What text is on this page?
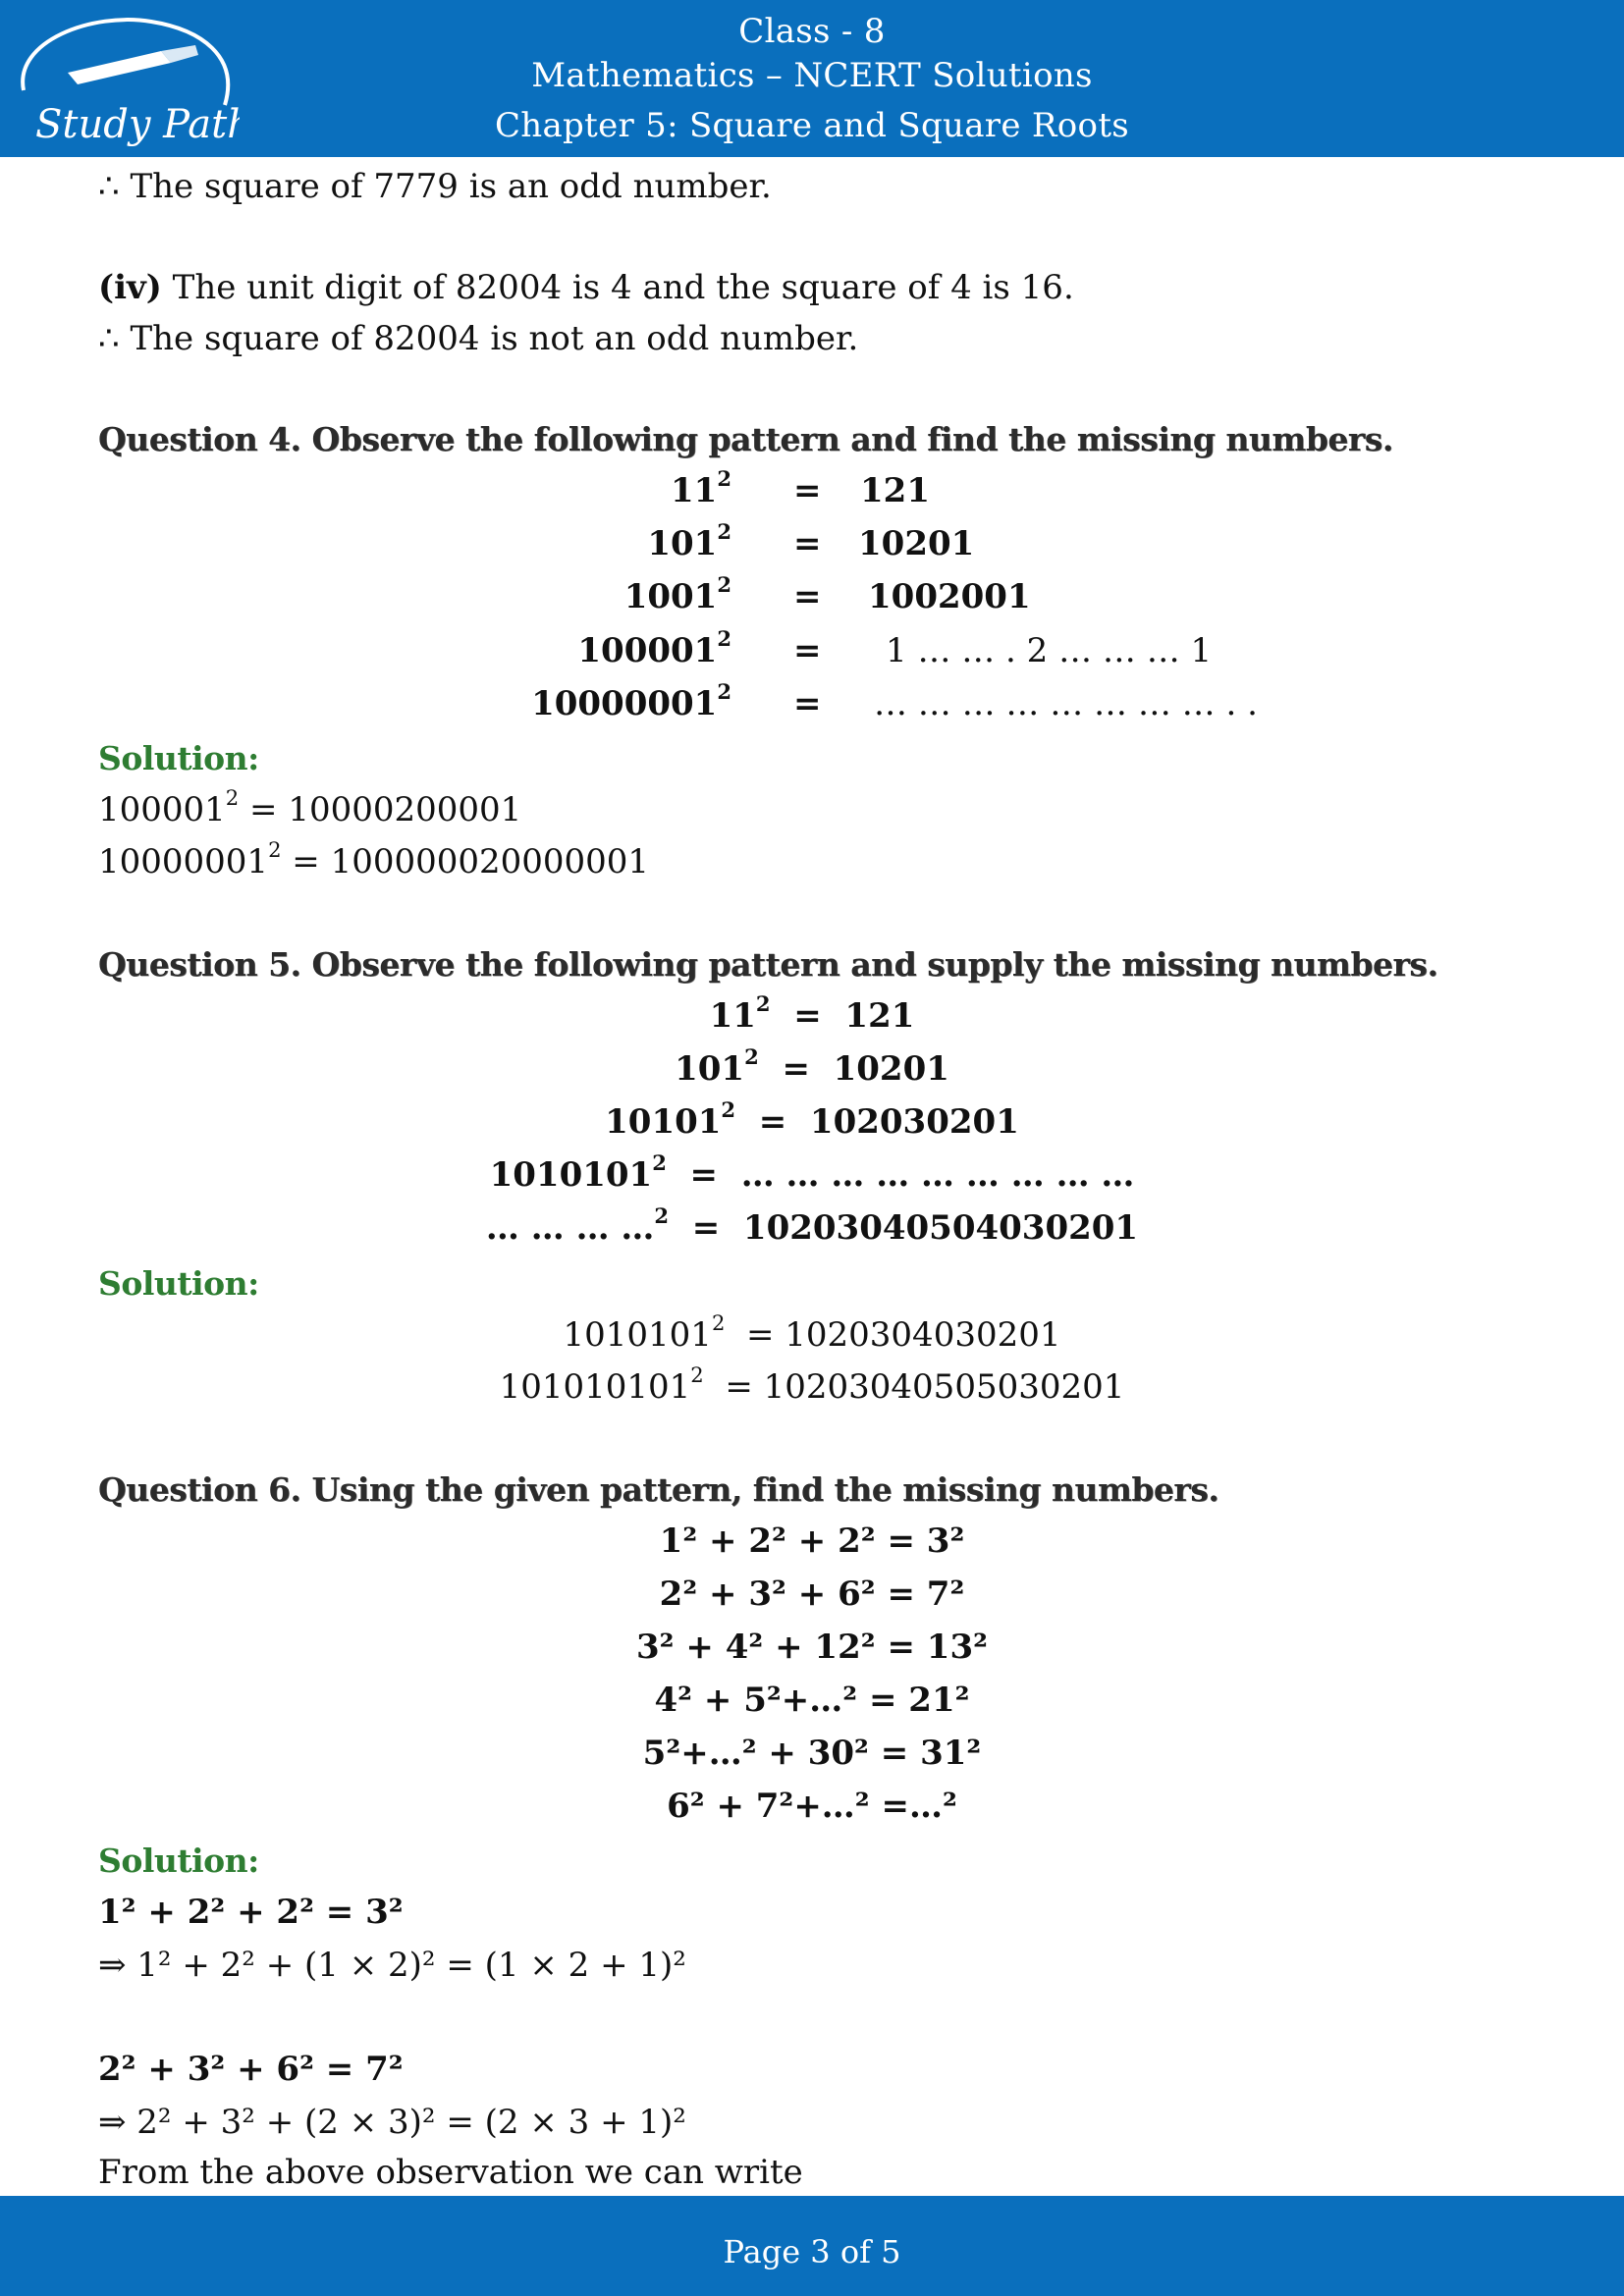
Study Path
Class - 8
Mathematics – NCERT Solutions
Chapter 5: Square and Square Roots
∴ The square of 7779 is an odd number.
(iv) The unit digit of 82004 is 4 and the square of 4 is 16.
∴ The square of 82004 is not an odd number.
Question 4. Observe the following pattern and find the missing numbers.
$11^2 = 121$
$101^2 = 10201$
$1001^2 = 1002001$
$100001^2 = 1$ … … . 2 … … … 1
$10000001^2$ = … … … … … … … … . .
Solution:
$100001^2 = 10000200001$
$10000001^2 = 100000020000001$
Question 5. Observe the following pattern and supply the missing numbers.
$11^2 = 121$
$101^2 = 10201$
10101$^2$  =  102030201
1010101$^2$  =  … … … … … … … … …
… … … …$^2$  =  10203040504030201
Solution:
1010101$^2$  = 1020304030201
101010101$^2$  = 10203040505030201
Question 6. Using the given pattern, find the missing numbers.
1² + 2² + 2² = 3²
2² + 3² + 6² = 7²
3² + 4² + 12² = 13²
4² + 5²+…² = 21²
5²+…² + 30² = 31²
6² + 7²+…² =…²
Solution:
1² + 2² + 2² = 3²
⇒ 1² + 2² + (1 × 2)² = (1 × 2 + 1)²
2² + 3² + 6² = 7²
⇒ 2² + 3² + (2 × 3)² = (2 × 3 + 1)²
From the above observation we can write
Page 3 of 5
